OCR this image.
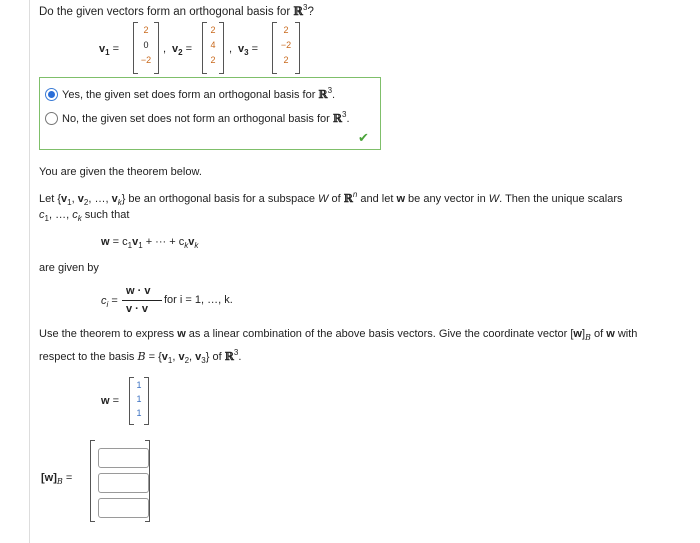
Do the given vectors form an orthogonal basis for ℝ$^3$?
$v_1$ =
2
0
−2
, $v_2$ =
2
4
2
, $v_3$ =
2
−2
2
Yes, the given set does form an orthogonal basis for ℝ$^3$.
No, the given set does not form an orthogonal basis for ℝ$^3$.
✔
You are given the theorem below.
Let {$v_1$, $v_2$, …, $v_k$} be an orthogonal basis for a subspace W of ℝ$^n$ and let w be any vector in W. Then the unique scalars
$c_1$, …, $c_k$ such that
$w = c_1v_1$ + ··· + $c_kv_k$
are given by
$c_i$ =
w · v
v · v
for i = 1, …, k.
Use the theorem to express w as a linear combination of the above basis vectors. Give the coordinate vector $[w]_B$ of w with
respect to the basis $B = \{v_1$, $v_2$, $v_3$} of ℝ$^3$.
w =
1
1
1
$[w]_B$ =
